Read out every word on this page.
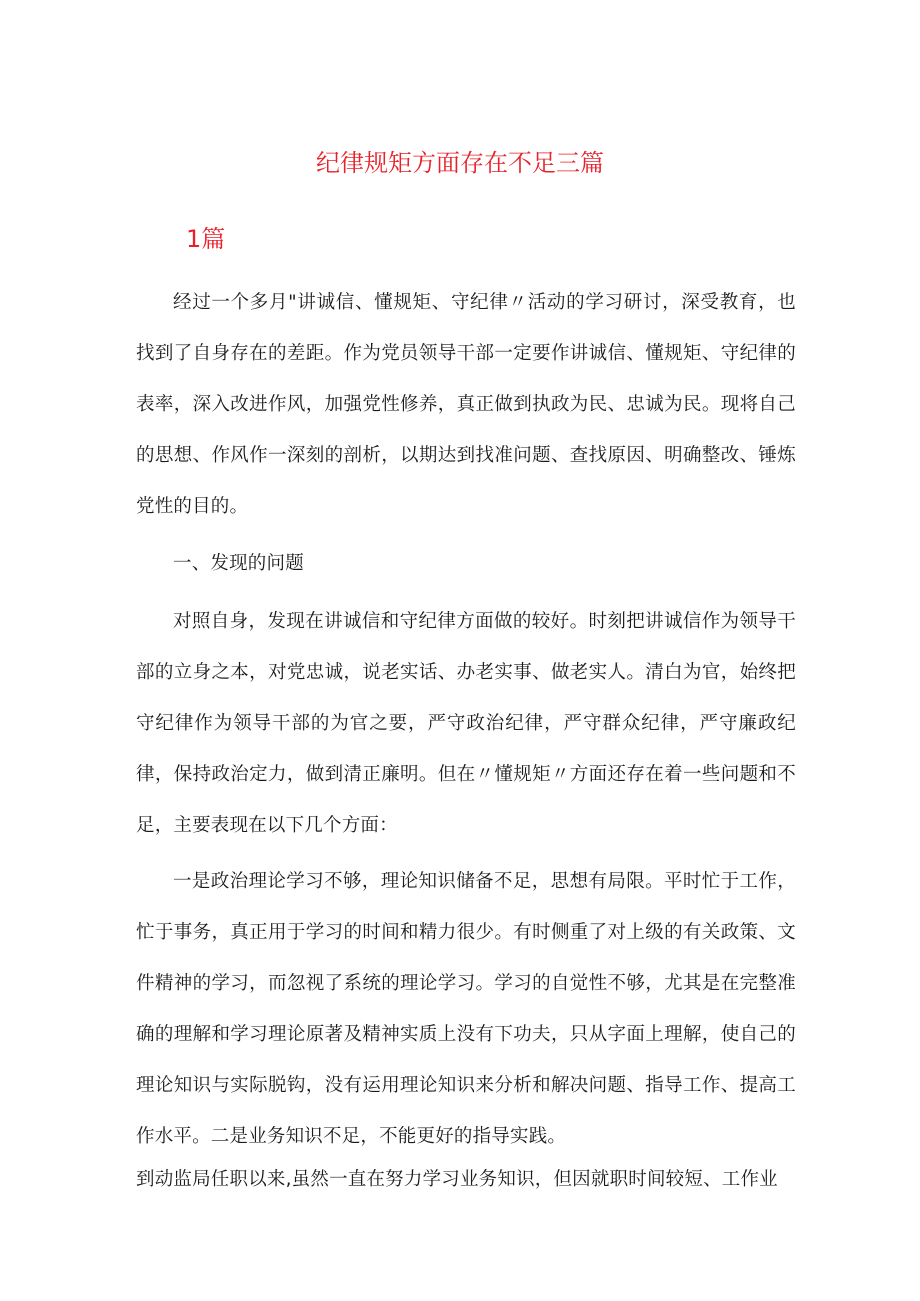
纪律规矩方面存在不足三篇
1篇

经过一个多月"讲诚信、懂规矩、守纪律〃活动的学习研讨，深受教育，也找到了自身存在的差距。作为党员领导干部一定要作讲诚信、懂规矩、守纪律的表率，深入改进作风，加强党性修养，真正做到执政为民、忠诚为民。现将自己的思想、作风作一深刻的剖析，以期达到找准问题、查找原因、明确整改、锤炼党性的目的。

一、发现的问题

对照自身，发现在讲诚信和守纪律方面做的较好。时刻把讲诚信作为领导干部的立身之本，对党忠诚，说老实话、办老实事、做老实人。清白为官，始终把守纪律作为领导干部的为官之要，严守政治纪律，严守群众纪律，严守廉政纪律，保持政治定力，做到清正廉明。但在〃懂规矩〃方面还存在着一些问题和不足，主要表现在以下几个方面：

一是政治理论学习不够，理论知识储备不足，思想有局限。平时忙于工作，忙于事务，真正用于学习的时间和精力很少。有时侧重了对上级的有关政策、文件精神的学习，而忽视了系统的理论学习。学习的自觉性不够，尤其是在完整准确的理解和学习理论原著及精神实质上没有下功夫，只从字面上理解，使自己的理论知识与实际脱钩，没有运用理论知识来分析和解决问题、指导工作、提高工作水平。二是业务知识不足，不能更好的指导实践。

到动监局任职以来,虽然一直在努力学习业务知识，但因就职时间较短、工作业
